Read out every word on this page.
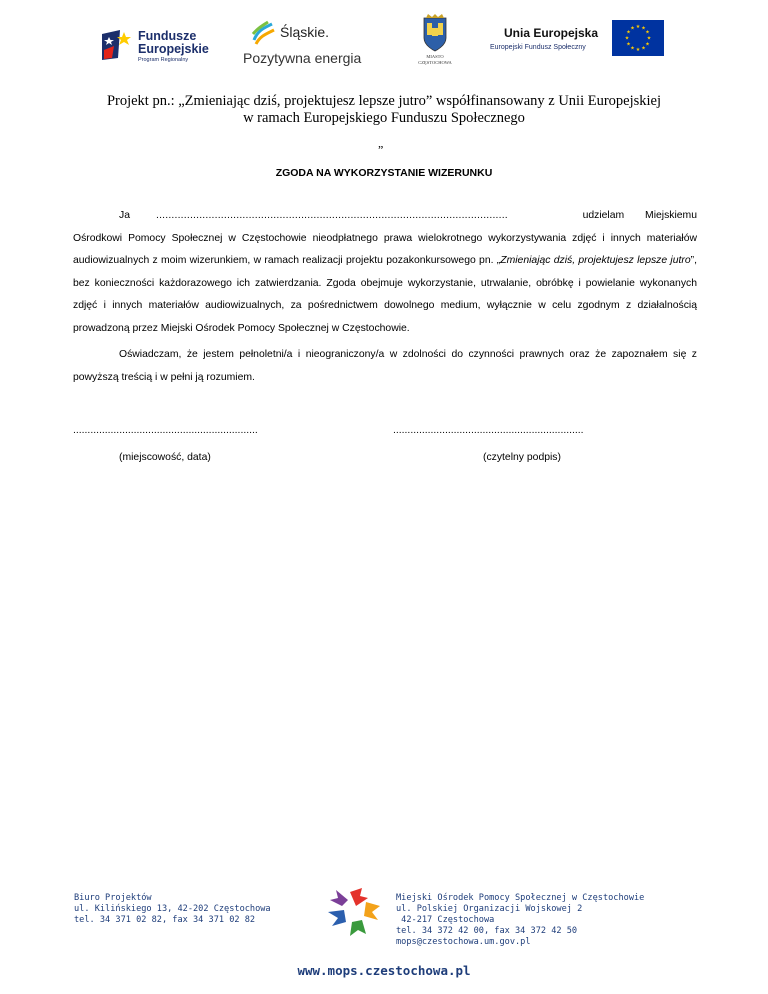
Fundusze
Europejskie
Program Regionalny
Śląskie.
Pozytywna energia	MIASTO
CZĘSTOCHOWA
Unia Europejska
Europejski Fundusz Społeczny
★ ★
★
★
★
★
★
★
★
★
★
★
Projekt pn.: „Zmieniając dziś, projektujesz lepsze jutro” współfinansowany z Unii Europejskiej
w ramach Europejskiego Funduszu Społecznego
„
ZGODA NA WYKORZYSTANIE WIZERUNKU
Ja	..................................................................................................................	udzielam Miejskiemu
Ośrodkowi Pomocy Społecznej w Częstochowie nieodpłatnego prawa wielokrotnego wykorzystywania zdjęć i innych materiałów audiowizualnych z moim wizerunkiem, w ramach realizacji projektu pozakonkursowego pn. „Zmieniając dziś, projektujesz lepsze jutro”, bez konieczności każdorazowego ich zatwierdzania. Zgoda obejmuje wykorzystanie, utrwalanie, obróbkę i powielanie wykonanych zdjęć i innych materiałów audiowizualnych, za pośrednictwem dowolnego medium, wyłącznie w celu zgodnym z działalnością prowadzoną przez Miejski Ośrodek Pomocy Społecznej w Częstochowie.
Oświadczam, że jestem pełnoletni/a i nieograniczony/a w zdolności do czynności prawnych oraz że zapoznałem się z powyższą treścią i w pełni ją rozumiem.
................................................................	..................................................................
(miejscowość, data)	(czytelny podpis)
Biuro Projektów
ul. Kilińskiego 13, 42-202 Częstochowa
tel. 34 371 02 82, fax 34 371 02 82
Miejski Ośrodek Pomocy Społecznej w Częstochowie
ul. Polskiej Organizacji Wojskowej 2
42-217 Częstochowa
tel. 34 372 42 00, fax 34 372 42 50
mops@czestochowa.um.gov.pl
www.mops.czestochowa.pl
